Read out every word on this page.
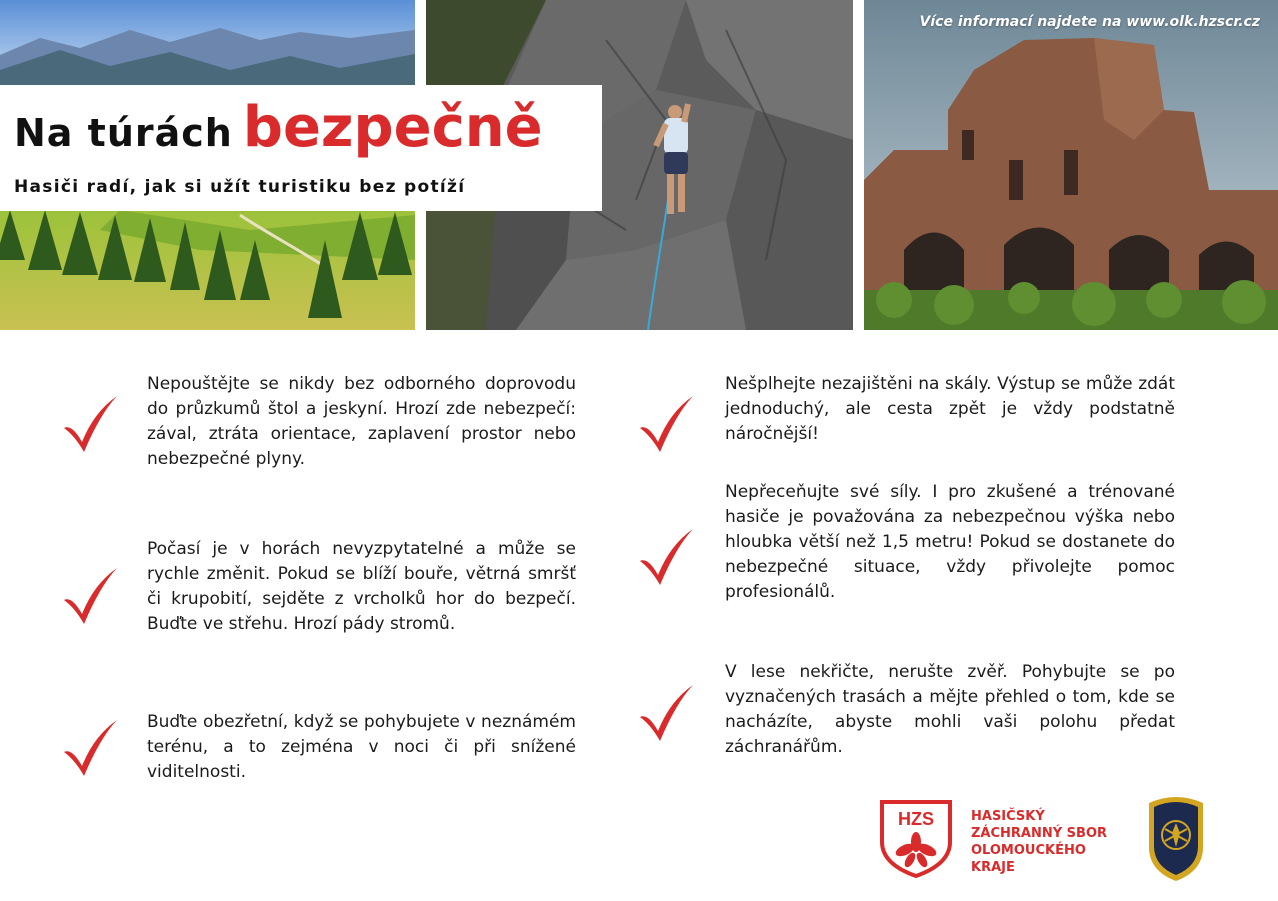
Více informací najdete na www.olk.hzscr.cz
Na túrách bezpečně
Hasiči radí, jak si užít turistiku bez potíží
Nepouštějte se nikdy bez odborného doprovodu do průzkumů štol a jeskyní. Hrozí zde nebezpečí: zával, ztráta orientace, zaplavení prostor nebo nebezpečné plyny.
Počasí je v horách nevyzpytatelné a může se rychle změnit. Pokud se blíží bouře, větrná smršť či krupobití, sejděte z vrcholků hor do bezpečí. Buďte ve střehu. Hrozí pády stromů.
Buďte obezřetní, když se pohybujete v neznámém terénu, a to zejména v noci či při snížené viditelnosti.
Nešplhejte nezajištěni na skály. Výstup se může zdát jednoduchý, ale cesta zpět je vždy podstatně náročnější!
Nepřeceňujte své síly. I pro zkušené a trénované hasiče je považována za nebezpečnou výška nebo hloubka větší než 1,5 metru! Pokud se dostanete do nebezpečné situace, vždy přivolejte pomoc profesionálů.
V lese nekřičte, nerušte zvěř. Pohybujte se po vyznačených trasách a mějte přehled o tom, kde se nacházíte, abyste mohli vaši polohu předat záchranářům.
HZS	HASIČSKÝ
ZÁCHRANNÝ SBOR
OLOMOUCKÉHO
KRAJE
